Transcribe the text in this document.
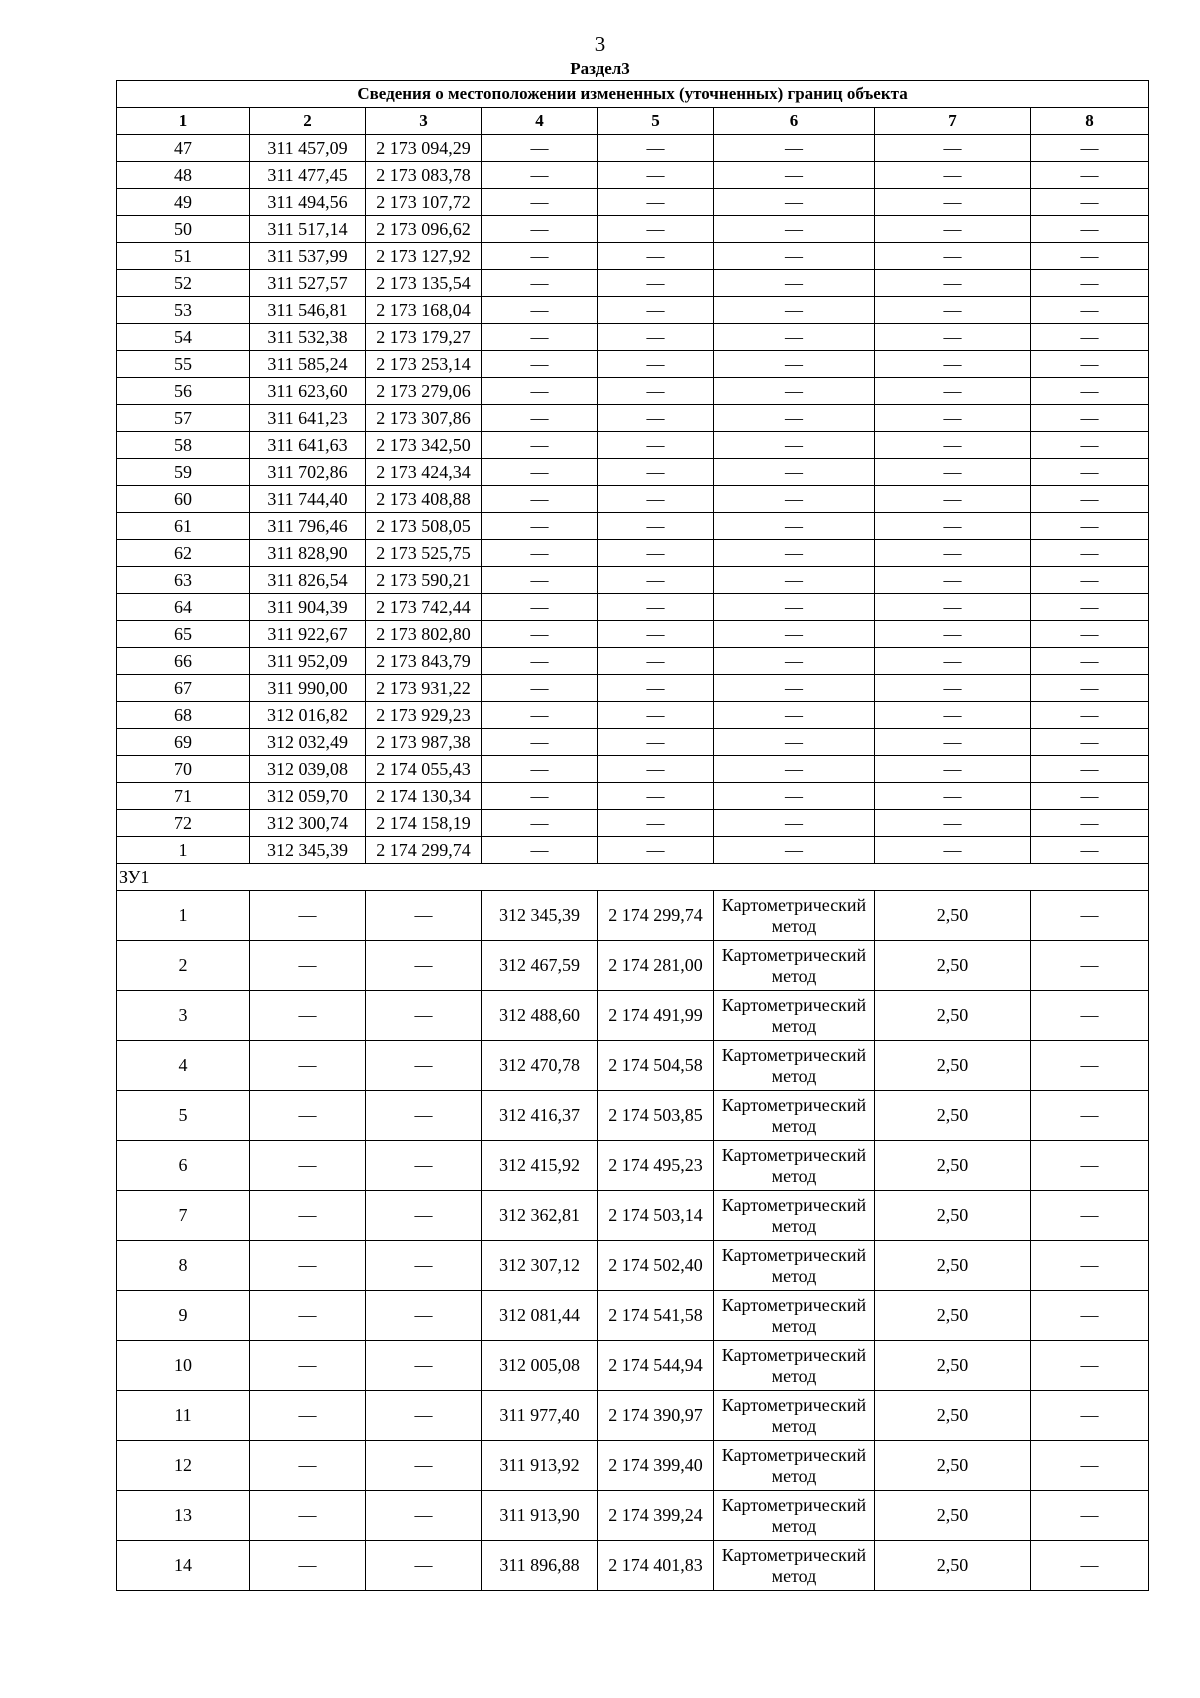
3
Раздел3
Сведения о местоположении измененных (уточненных) границ объекта							
1	2	3	4	5	6	7	8
47	311 457,09	2 173 094,29	—	—	—	—	—
48	311 477,45	2 173 083,78	—	—	—	—	—
49	311 494,56	2 173 107,72	—	—	—	—	—
50	311 517,14	2 173 096,62	—	—	—	—	—
51	311 537,99	2 173 127,92	—	—	—	—	—
52	311 527,57	2 173 135,54	—	—	—	—	—
53	311 546,81	2 173 168,04	—	—	—	—	—
54	311 532,38	2 173 179,27	—	—	—	—	—
55	311 585,24	2 173 253,14	—	—	—	—	—
56	311 623,60	2 173 279,06	—	—	—	—	—
57	311 641,23	2 173 307,86	—	—	—	—	—
58	311 641,63	2 173 342,50	—	—	—	—	—
59	311 702,86	2 173 424,34	—	—	—	—	—
60	311 744,40	2 173 408,88	—	—	—	—	—
61	311 796,46	2 173 508,05	—	—	—	—	—
62	311 828,90	2 173 525,75	—	—	—	—	—
63	311 826,54	2 173 590,21	—	—	—	—	—
64	311 904,39	2 173 742,44	—	—	—	—	—
65	311 922,67	2 173 802,80	—	—	—	—	—
66	311 952,09	2 173 843,79	—	—	—	—	—
67	311 990,00	2 173 931,22	—	—	—	—	—
68	312 016,82	2 173 929,23	—	—	—	—	—
69	312 032,49	2 173 987,38	—	—	—	—	—
70	312 039,08	2 174 055,43	—	—	—	—	—
71	312 059,70	2 174 130,34	—	—	—	—	—
72	312 300,74	2 174 158,19	—	—	—	—	—
1	312 345,39	2 174 299,74	—	—	—	—	—
ЗУ1							
1	—	—	312 345,39	2 174 299,74	Картометрический метод	2,50	—
2	—	—	312 467,59	2 174 281,00	Картометрический метод	2,50	—
3	—	—	312 488,60	2 174 491,99	Картометрический метод	2,50	—
4	—	—	312 470,78	2 174 504,58	Картометрический метод	2,50	—
5	—	—	312 416,37	2 174 503,85	Картометрический метод	2,50	—
6	—	—	312 415,92	2 174 495,23	Картометрический метод	2,50	—
7	—	—	312 362,81	2 174 503,14	Картометрический метод	2,50	—
8	—	—	312 307,12	2 174 502,40	Картометрический метод	2,50	—
9	—	—	312 081,44	2 174 541,58	Картометрический метод	2,50	—
10	—	—	312 005,08	2 174 544,94	Картометрический метод	2,50	—
11	—	—	311 977,40	2 174 390,97	Картометрический метод	2,50	—
12	—	—	311 913,92	2 174 399,40	Картометрический метод	2,50	—
13	—	—	311 913,90	2 174 399,24	Картометрический метод	2,50	—
14	—	—	311 896,88	2 174 401,83	Картометрический метод	2,50	—
